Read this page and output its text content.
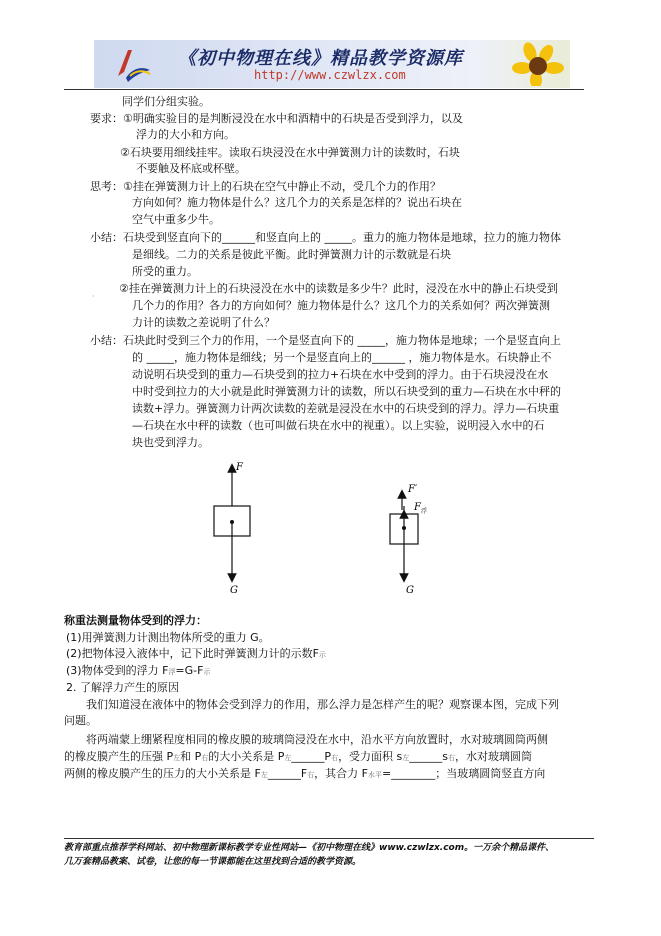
《初中物理在线》精品教学资源库
http://www.czwlzx.com
同学们分组实验。
要求：①明确实验目的是判断浸没在水中和酒精中的石块是否受到浮力，以及
浮力的大小和方向。
②石块要用细线挂牢。读取石块浸没在水中弹簧测力计的读数时，石块
不要触及杯底或杯壁。
思考：①挂在弹簧测力计上的石块在空气中静止不动，受几个力的作用？
方向如何？施力物体是什么？这几个力的关系是怎样的？说出石块在
空气中重多少牛。
小结：石块受到竖直向下的______和竖直向上的 _____。重力的施力物体是地球，拉力的施力物体
是细线。二力的关系是彼此平衡。此时弹簧测力计的示数就是石块
所受的重力。
·
②挂在弹簧测力计上的石块浸没在水中的读数是多少牛？此时，浸没在水中的静止石块受到
几个力的作用？各力的方向如何？施力物体是什么？这几个力的关系如何？两次弹簧测
力计的读数之差说明了什么？
小结：石块此时受到三个力的作用，一个是竖直向下的 _____，施力物体是地球；一个是竖直向上
的 _____，施力物体是细线；另一个是竖直向上的______ ，施力物体是水。石块静止不
动说明石块受到的重力—石块受到的拉力+石块在水中受到的浮力。由于石块浸没在水
中时受到拉力的大小就是此时弹簧测力计的读数，所以石块受到的重力—石块在水中秤的
读数+浮力。弹簧测力计两次读数的差就是浸没在水中的石块受到的浮力。浮力—石块重
—石块在水中秤的读数（也可叫做石块在水中的视重）。以上实验，说明浸入水中的石
块也受到浮力。
F
G
F′
F 浮
G
称重法测量物体受到的浮力：
(1)用弹簧测力计测出物体所受的重力 G。
(2)把物体浸入液体中，记下此时弹簧测力计的示数F示
(3)物体受到的浮力 F浮=G-F示
2. 了解浮力产生的原因
我们知道浸在液体中的物体会受到浮力的作用，那么浮力是怎样产生的呢？观察课本图，完成下列
问题。
将两端蒙上绷紧程度相同的橡皮膜的玻璃筒浸没在水中，沿水平方向放置时，水对玻璃圆筒两侧
的橡皮膜产生的压强 P左和 P右的大小关系是 P左______P右，受力面积 s左______s右，水对玻璃圆筒
两侧的橡皮膜产生的压力的大小关系是 F左______F右，其合力 F水平=________；当玻璃圆筒竖直方向
教育部重点推荐学科网站、初中物理新课标教学专业性网站—《初中物理在线》www.czwlzx.com。一万余个精品课件、
几万套精品教案、试卷，让您的每一节课都能在这里找到合适的教学资源。
